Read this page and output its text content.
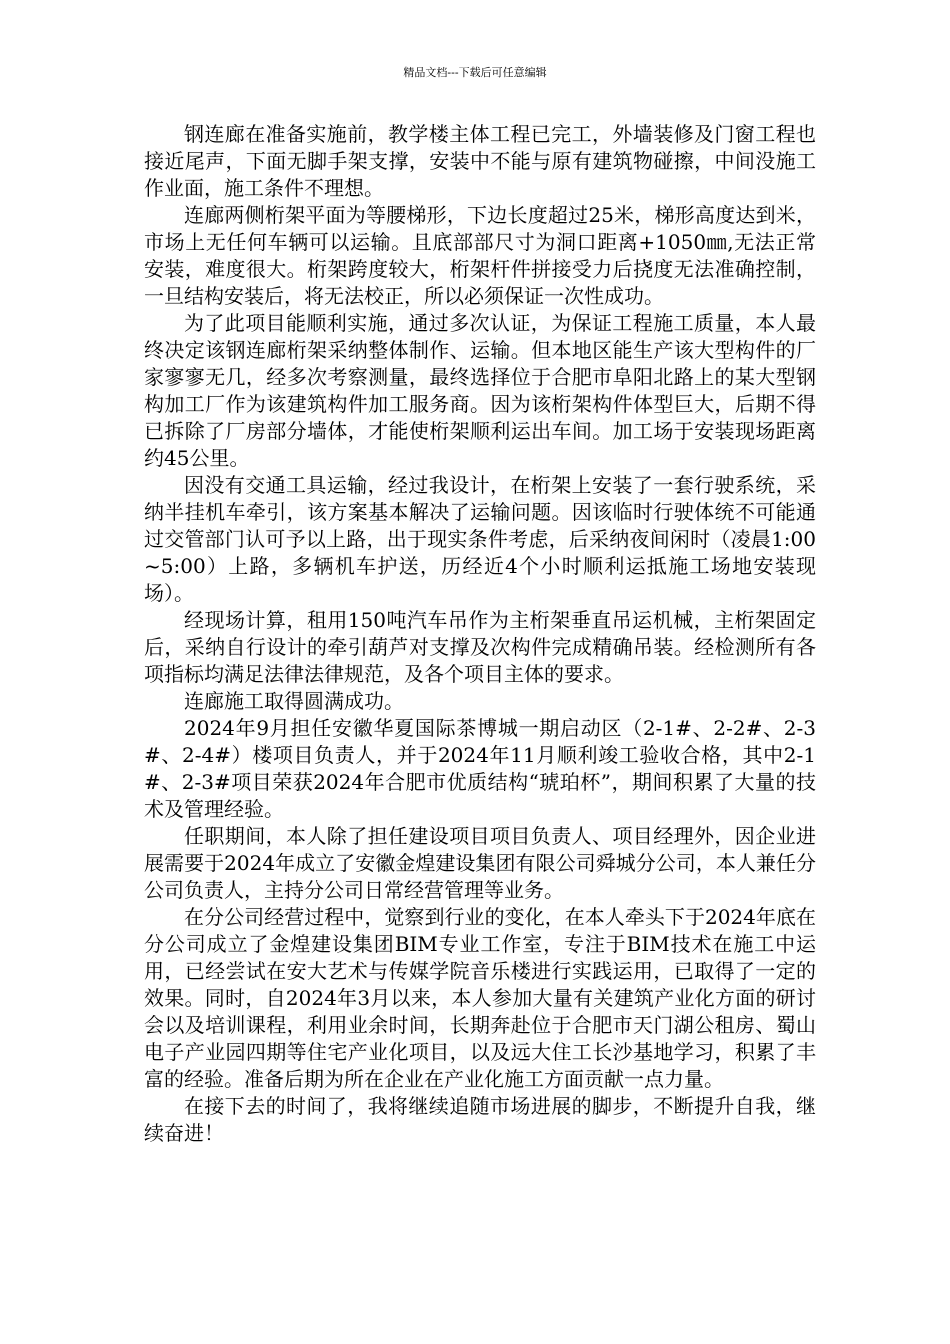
精品文档---下载后可任意编辑

钢连廊在准备实施前，教学楼主体工程已完工，外墙装修及门窗工程也接近尾声，下面无脚手架支撑，安装中不能与原有建筑物碰擦，中间没施工作业面，施工条件不理想。

连廊两侧桁架平面为等腰梯形，下边长度超过25米，梯形高度达到米，市场上无任何车辆可以运输。且底部部尺寸为洞口距离+1050㎜,无法正常安装，难度很大。桁架跨度较大，桁架杆件拼接受力后挠度无法准确控制，一旦结构安装后，将无法校正，所以必须保证一次性成功。

为了此项目能顺利实施，通过多次认证，为保证工程施工质量，本人最终决定该钢连廊桁架采纳整体制作、运输。但本地区能生产该大型构件的厂家寥寥无几，经多次考察测量，最终选择位于合肥市阜阳北路上的某大型钢构加工厂作为该建筑构件加工服务商。因为该桁架构件体型巨大，后期不得已拆除了厂房部分墙体，才能使桁架顺利运出车间。加工场于安装现场距离约45公里。

因没有交通工具运输，经过我设计，在桁架上安装了一套行驶系统，采纳半挂机车牵引，该方案基本解决了运输问题。因该临时行驶体统不可能通过交管部门认可予以上路，出于现实条件考虑，后采纳夜间闲时（凌晨1:00~5:00）上路，多辆机车护送，历经近4个小时顺利运抵施工场地安装现场）。

经现场计算，租用150吨汽车吊作为主桁架垂直吊运机械，主桁架固定后，采纳自行设计的牵引葫芦对支撑及次构件完成精确吊装。经检测所有各项指标均满足法律法律规范，及各个项目主体的要求。

连廊施工取得圆满成功。

2024年9月担任安徽华夏国际茶博城一期启动区（2-1#、2-2#、2-3#、2-4#）楼项目负责人，并于2024年11月顺利竣工验收合格，其中2-1#、2-3#项目荣获2024年合肥市优质结构“琥珀杯”，期间积累了大量的技术及管理经验。

任职期间，本人除了担任建设项目项目负责人、项目经理外，因企业进展需要于2024年成立了安徽金煌建设集团有限公司舜城分公司，本人兼任分公司负责人，主持分公司日常经营管理等业务。

在分公司经营过程中，觉察到行业的变化，在本人牵头下于2024年底在分公司成立了金煌建设集团BIM专业工作室，专注于BIM技术在施工中运用，已经尝试在安大艺术与传媒学院音乐楼进行实践运用，已取得了一定的效果。同时，自2024年3月以来，本人参加大量有关建筑产业化方面的研讨会以及培训课程，利用业余时间，长期奔赴位于合肥市天门湖公租房、蜀山电子产业园四期等住宅产业化项目，以及远大住工长沙基地学习，积累了丰富的经验。准备后期为所在企业在产业化施工方面贡献一点力量。

在接下去的时间了，我将继续追随市场进展的脚步，不断提升自我，继续奋进！
